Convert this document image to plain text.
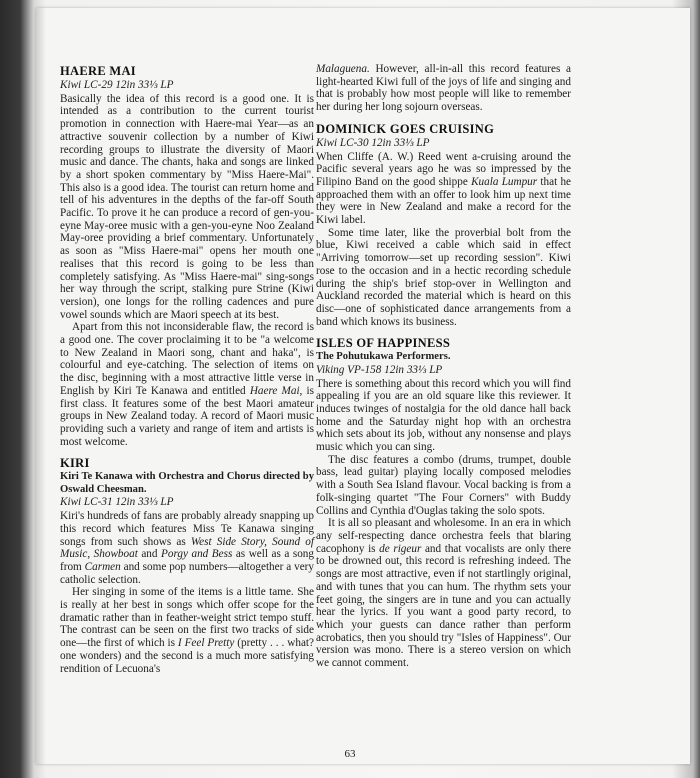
HAERE MAI
Kiwi LC-29 12in 33⅓ LP

Basically the idea of this record is a good one. It is intended as a contribution to the current tourist promotion in connection with Haere-mai Year—as an attractive souvenir collection by a number of Kiwi recording groups to illustrate the diversity of Maori music and dance. The chants, haka and songs are linked by a short spoken commentary by "Miss Haere-Mai". This also is a good idea. The tourist can return home and tell of his adventures in the depths of the far-off South Pacific. To prove it he can produce a record of gen-you-eyne May-oree music with a gen-you-eyne Noo Zealand May-oree providing a brief commentary. Unfortunately as soon as "Miss Haere-mai" opens her mouth one realises that this record is going to be less than completely satisfying. As "Miss Haere-mai" sing-songs her way through the script, stalking pure Strine (Kiwi version), one longs for the rolling cadences and pure vowel sounds which are Maori speech at its best.

Apart from this not inconsiderable flaw, the record is a good one. The cover proclaiming it to be "a welcome to New Zealand in Maori song, chant and haka", is colourful and eye-catching. The selection of items on the disc, beginning with a most attractive little verse in English by Kiri Te Kanawa and entitled Haere Mai, is first class. It features some of the best Maori amateur groups in New Zealand today. A record of Maori music providing such a variety and range of item and artists is most welcome.

KIRI
Kiri Te Kanawa with Orchestra and Chorus directed by Oswald Cheesman.
Kiwi LC-31 12in 33⅓ LP

Kiri's hundreds of fans are probably already snapping up this record which features Miss Te Kanawa singing songs from such shows as West Side Story, Sound of Music, Showboat and Porgy and Bess as well as a song from Carmen and some pop numbers—altogether a very catholic selection.

Her singing in some of the items is a little tame. She is really at her best in songs which offer scope for the dramatic rather than in feather-weight strict tempo stuff. The contrast can be seen on the first two tracks of side one—the first of which is I Feel Pretty (pretty . . . what? one wonders) and the second is a much more satisfying rendition of Lecuona's

Malaguena. However, all-in-all this record features a light-hearted Kiwi full of the joys of life and singing and that is probably how most people will like to remember her during her long sojourn overseas.

DOMINICK GOES CRUISING
Kiwi LC-30 12in 33⅓ LP

When Cliffe (A. W.) Reed went a-cruising around the Pacific several years ago he was so impressed by the Filipino Band on the good shippe Kuala Lumpur that he approached them with an offer to look him up next time they were in New Zealand and make a record for the Kiwi label.

Some time later, like the proverbial bolt from the blue, Kiwi received a cable which said in effect "Arriving tomorrow—set up recording session". Kiwi rose to the occasion and in a hectic recording schedule during the ship's brief stop-over in Wellington and Auckland recorded the material which is heard on this disc—one of sophisticated dance arrangements from a band which knows its business.

ISLES OF HAPPINESS
The Pohutukawa Performers.
Viking VP-158 12in 33⅓ LP

There is something about this record which you will find appealing if you are an old square like this reviewer. It induces twinges of nostalgia for the old dance hall back home and the Saturday night hop with an orchestra which sets about its job, without any nonsense and plays music which you can sing.

The disc features a combo (drums, trumpet, double bass, lead guitar) playing locally composed melodies with a South Sea Island flavour. Vocal backing is from a folk-singing quartet "The Four Corners" with Buddy Collins and Cynthia d'Ouglas taking the solo spots.

It is all so pleasant and wholesome. In an era in which any self-respecting dance orchestra feels that blaring cacophony is de rigeur and that vocalists are only there to be drowned out, this record is refreshing indeed. The songs are most attractive, even if not startlingly original, and with tunes that you can hum. The rhythm sets your feet going, the singers are in tune and you can actually hear the lyrics. If you want a good party record, to which your guests can dance rather than perform acrobatics, then you should try "Isles of Happiness". Our version was mono. There is a stereo version on which we cannot comment.

63
